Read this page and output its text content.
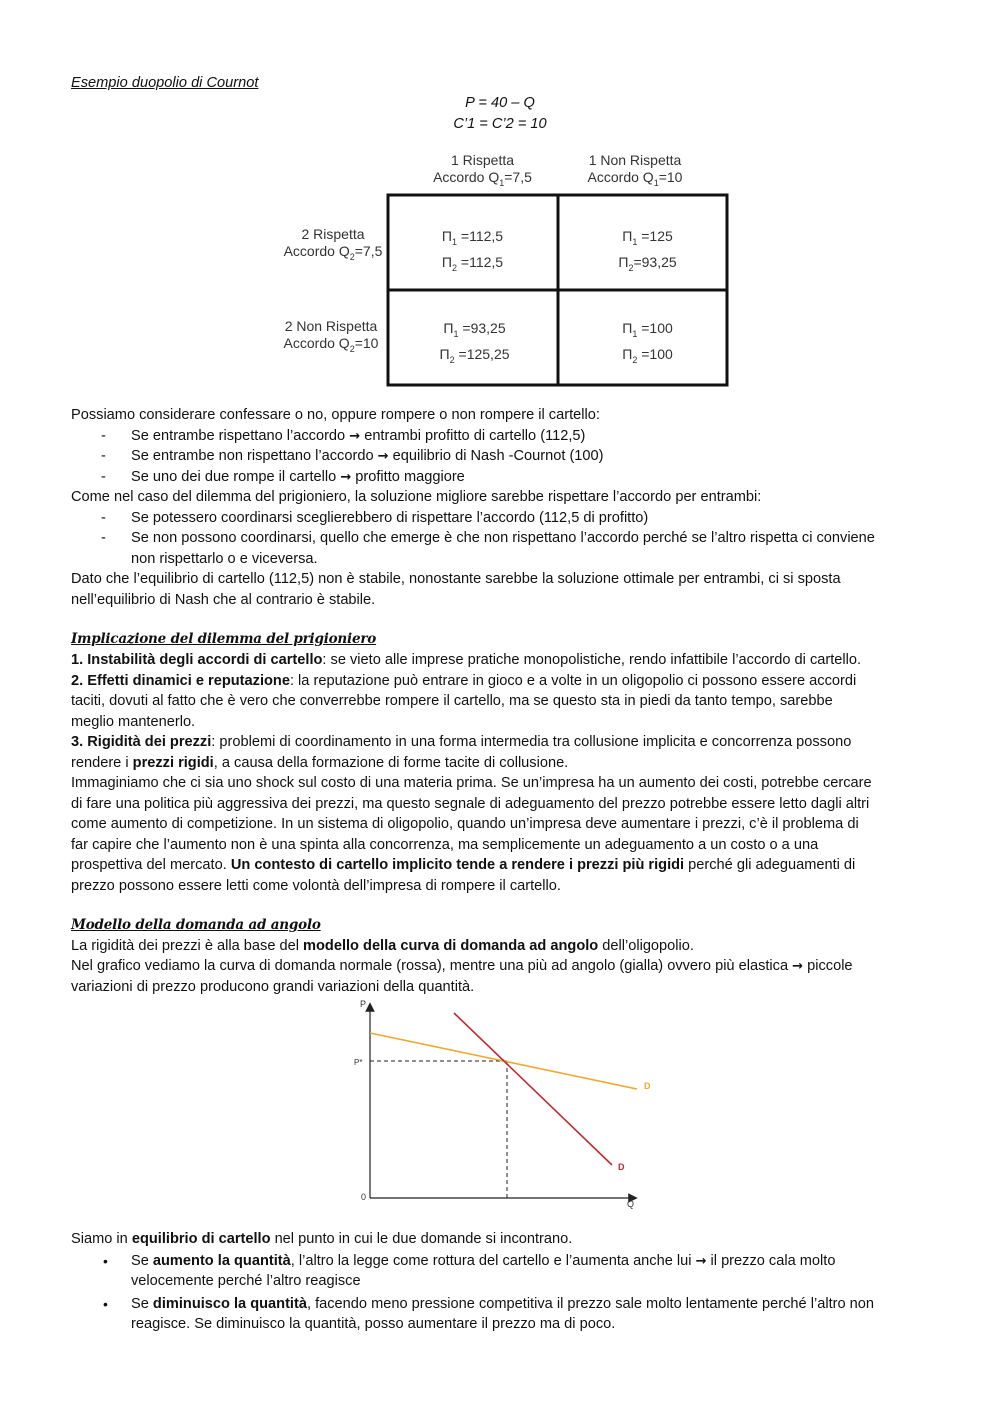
Esempio duopolio di Cournot
P = 40 – Q
C’1 = C’2 = 10
1 Rispetta
Accordo $Q_1=7,5$
1 Non Rispetta
Accordo $Q_1=10$
2 Rispetta
Accordo $Q_2=7,5$
2 Non Rispetta
Accordo $Q_2=10$
$\Pi_1 =112,5$
$\Pi_2 =112,5$
$\Pi_1 =125$
$\Pi_2=93,25$
$\Pi_1 =93,25$
$\Pi_2 =125,25$
$\Pi_1 =100$
$\Pi_2 =100$
Possiamo considerare confessare o no, oppure rompere o non rompere il cartello:
- Se entrambe rispettano l’accordo → entrambi profitto di cartello (112,5)
- Se entrambe non rispettano l’accordo → equilibrio di Nash -Cournot (100)
- Se uno dei due rompe il cartello → profitto maggiore
Come nel caso del dilemma del prigioniero, la soluzione migliore sarebbe rispettare l’accordo per entrambi:
- Se potessero coordinarsi sceglierebbero di rispettare l’accordo (112,5 di profitto)
- Se non possono coordinarsi, quello che emerge è che non rispettano l’accordo perché se l’altro rispetta ci conviene
non rispettarlo o e viceversa.
Dato che l’equilibrio di cartello (112,5) non è stabile, nonostante sarebbe la soluzione ottimale per entrambi, ci si sposta
nell’equilibrio di Nash che al contrario è stabile.
Implicazione del dilemma del prigioniero
1. Instabilità degli accordi di cartello: se vieto alle imprese pratiche monopolistiche, rendo infattibile l’accordo di cartello.
2. Effetti dinamici e reputazione: la reputazione può entrare in gioco e a volte in un oligopolio ci possono essere accordi
taciti, dovuti al fatto che è vero che converrebbe rompere il cartello, ma se questo sta in piedi da tanto tempo, sarebbe
meglio mantenerlo.
3. Rigidità dei prezzi: problemi di coordinamento in una forma intermedia tra collusione implicita e concorrenza possono
rendere i prezzi rigidi, a causa della formazione di forme tacite di collusione.
Immaginiamo che ci sia uno shock sul costo di una materia prima. Se un’impresa ha un aumento dei costi, potrebbe cercare
di fare una politica più aggressiva dei prezzi, ma questo segnale di adeguamento del prezzo potrebbe essere letto dagli altri
come aumento di competizione. In un sistema di oligopolio, quando un’impresa deve aumentare i prezzi, c’è il problema di
far capire che l’aumento non è una spinta alla concorrenza, ma semplicemente un adeguamento a un costo o a una
prospettiva del mercato. Un contesto di cartello implicito tende a rendere i prezzi più rigidi perché gli adeguamenti di
prezzo possono essere letti come volontà dell’impresa di rompere il cartello.
Modello della domanda ad angolo
La rigidità dei prezzi è alla base del modello della curva di domanda ad angolo dell’oligopolio.
Nel grafico vediamo la curva di domanda normale (rossa), mentre una più ad angolo (gialla) ovvero più elastica → piccole
variazioni di prezzo producono grandi variazioni della quantità.
P
Q
0
P*
D
D
Siamo in equilibrio di cartello nel punto in cui le due domande si incontrano.
• Se aumento la quantità, l’altro la legge come rottura del cartello e l’aumenta anche lui → il prezzo cala molto
velocemente perché l’altro reagisce
• Se diminuisco la quantità, facendo meno pressione competitiva il prezzo sale molto lentamente perché l’altro non
reagisce. Se diminuisco la quantità, posso aumentare il prezzo ma di poco.
